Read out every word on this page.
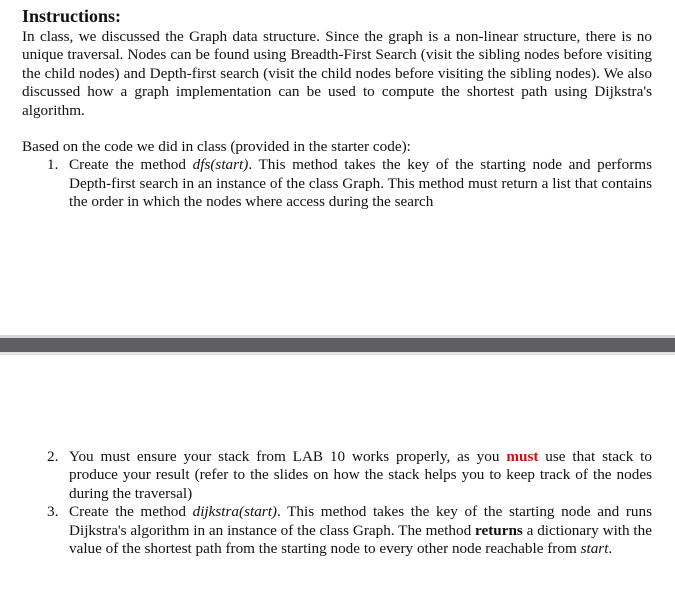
Instructions:

In class, we discussed the Graph data structure. Since the graph is a non-linear structure, there is no unique traversal. Nodes can be found using Breadth-First Search (visit the sibling nodes before visiting the child nodes) and Depth-first search (visit the child nodes before visiting the sibling nodes). We also discussed how a graph implementation can be used to compute the shortest path using Dijkstra's algorithm.

Based on the code we did in class (provided in the starter code):

1. Create the method dfs(start). This method takes the key of the starting node and performs Depth-first search in an instance of the class Graph. This method must return a list that contains the order in which the nodes where access during the search
2. You must ensure your stack from LAB 10 works properly, as you must use that stack to produce your result (refer to the slides on how the stack helps you to keep track of the nodes during the traversal)
3. Create the method dijkstra(start). This method takes the key of the starting node and runs Dijkstra's algorithm in an instance of the class Graph. The method returns a dictionary with the value of the shortest path from the starting node to every other node reachable from start.
